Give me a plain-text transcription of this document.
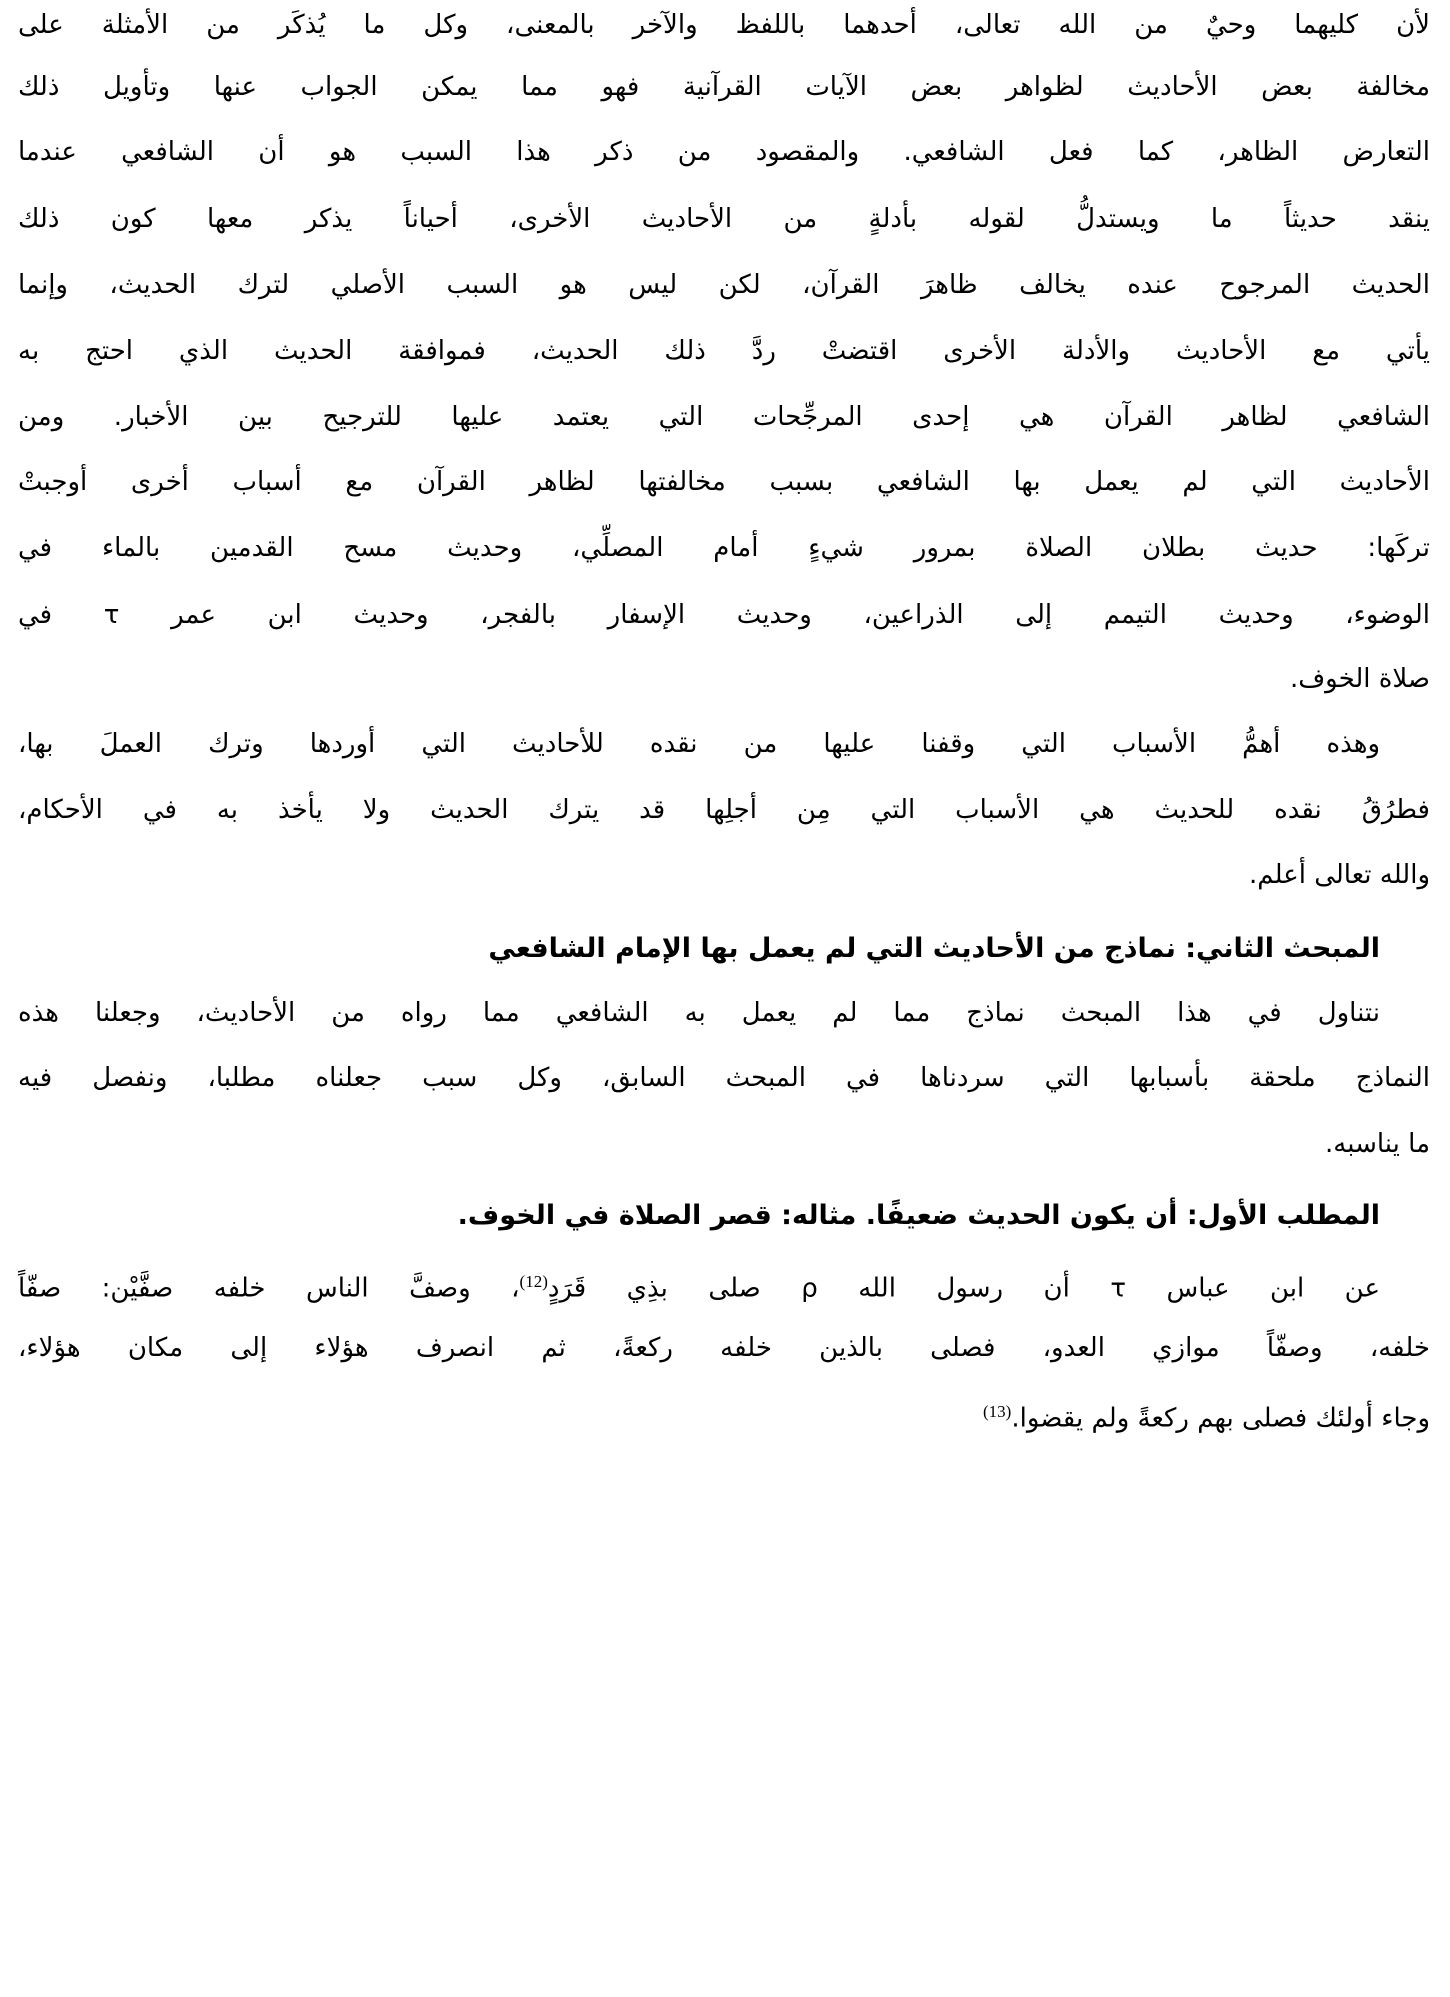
لأن كليهما وحيٌ من الله تعالى، أحدهما باللفظ والآخر بالمعنى، وكل ما يُذكَر من الأمثلة على
مخالفة بعض الأحاديث لظواهر بعض الآيات القرآنية فهو مما يمكن الجواب عنها وتأويل ذلك
التعارض الظاهر، كما فعل الشافعي. والمقصود من ذكر هذا السبب هو أن الشافعي عندما
ينقد حديثاً ما ويستدلُّ لقوله بأدلةٍ من الأحاديث الأخرى، أحياناً يذكر معها كون ذلك
الحديث المرجوح عنده يخالف ظاهرَ القرآن، لكن ليس هو السبب الأصلي لترك الحديث، وإنما
يأتي مع الأحاديث والأدلة الأخرى اقتضتْ ردَّ ذلك الحديث، فموافقة الحديث الذي احتج به
الشافعي لظاهر القرآن هي إحدى المرجِّحات التي يعتمد عليها للترجيح بين الأخبار. ومن
الأحاديث التي لم يعمل بها الشافعي بسبب مخالفتها لظاهر القرآن مع أسباب أخرى أوجبتْ
تركَها: حديث بطلان الصلاة بمرور شيءٍ أمام المصلِّي، وحديث مسح القدمين بالماء في
الوضوء، وحديث التيمم إلى الذراعين، وحديث الإسفار بالفجر، وحديث ابن عمر τ في
صلاة الخوف.
وهذه أهمُّ الأسباب التي وقفنا عليها من نقده للأحاديث التي أوردها وترك العملَ بها،
فطرُقُ نقده للحديث هي الأسباب التي مِن أجلِها قد يترك الحديث ولا يأخذ به في الأحكام،
والله تعالى أعلم.
المبحث الثاني: نماذج من الأحاديث التي لم يعمل بها الإمام الشافعي
نتناول في هذا المبحث نماذج مما لم يعمل به الشافعي مما رواه من الأحاديث، وجعلنا هذه
النماذج ملحقة بأسبابها التي سردناها في المبحث السابق، وكل سبب جعلناه مطلبا، ونفصل فيه
ما يناسبه.
المطلب الأول: أن يكون الحديث ضعيفًا. مثاله: قصر الصلاة في الخوف.
عن ابن عباس τ أن رسول الله ρ صلى بذِي قَرَدٍ$^{(12)}$، وصفَّ الناس خلفه صفَّيْن: صفّاً
خلفه، وصفّاً موازي العدو، فصلى بالذين خلفه ركعةً، ثم انصرف هؤلاء إلى مكان هؤلاء،
وجاء أولئك فصلى بهم ركعةً ولم يقضوا.$^{(13)}$
